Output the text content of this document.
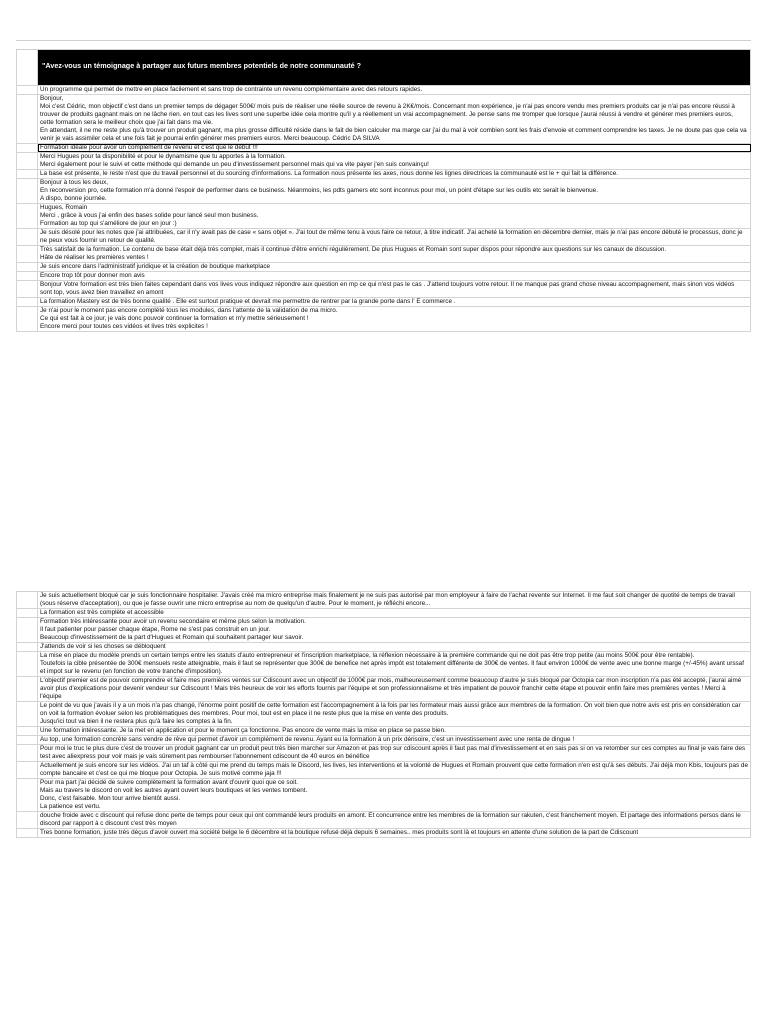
"Avez-vous un témoignage à partager aux futurs membres potentiels de notre communauté ?
Un programme qui permet de mettre en place facilement et sans trop de contrainte un revenu complémentaire avec des retours rapides.
Bonjour,
Moi c'est Cédric, mon objectif c'est dans un premier temps de dégager 500€/ mois puis de réaliser une réelle source de revenu à 2K€/mois. Concernant mon expérience, je n'ai pas encore vendu mes premiers produits car je n'ai pas encore réussi à trouver de produits gagnant mais on ne lâche rien. en tout cas les lives sont une superbe idée cela montre qu'il y a réellement un vrai accompagnement. Je pense sans me tromper que lorsque j'aurai réussi à vendre et générer mes premiers euros, cette formation sera le meilleur choix que j'ai fait dans ma vie.
En attendant, il ne me reste plus qu'à trouver un produit gagnant, ma plus grosse difficulté réside dans le fait de bien calculer ma marge car j'ai du mal à voir combien sont les frais d'envoie et comment comprendre les taxes. Je ne doute pas que cela va venir je vais assimiler cela et une fois fait je pourrai enfin générer mes premiers euros. Merci beaucoup. Cédric DA SILVA
Formation idéale pour avoir un complément de revenu et c'est que le début !!!
Merci Hugues pour ta disponibilité et pour le dynamisme que tu apportes à la formation.
Merci également pour le suivi et cette méthode qui demande un peu d'investissement personnel mais qui va vite payer j'en suis convainçu!
La base est présente, le reste n'est que du travail personnel et du sourcing d'informations. La formation nous présente les axes, nous donne les lignes directrices la communauté est le + qui fait la différence.
Bonjour à tous les deux,
En reconversion pro, cette formation m'a donné l'espoir de performer dans ce business. Néanmoins, les pdts gamers etc sont inconnus pour moi, un point d'étape sur les outils etc serait le bienvenue.
A dispo, bonne journée.
Hugues, Romain
Merci , grâce à vous j'ai enfin des bases solide pour lancé seul mon business.
Formation au top qui s'améliore de jour en jour :)
Je suis désolé pour les notes que j'ai attribuées, car il n'y avait pas de case « sans objet ». J'ai tout de même tenu à vous faire ce retour, à titre indicatif. J'ai acheté la formation en décembre dernier, mais je n'ai pas encore débuté le processus, donc je ne peux vous fournir un retour de qualité.
Très satisfait de la formation. Le contenu de base était déjà très complet, mais il continue d'être enrichi régulièrement. De plus Hugues et Romain sont super dispos pour répondre aux questions sur les canaux de discussion.
Hâte de réaliser les premières ventes !
Je suis encore dans l'administratif juridique et la création de boutique marketplace
Encore trop tôt pour donner mon avis
Bonjour Votre formation est très bien faites cependant dans vos lives vous indiquez répondre aux question en mp ce qui n'est pas le cas . J'attend toujours votre retour. Il ne manque pas grand chose niveau accompagnement, mais sinon vos vidéos sont top, vous avez bien travaillez en amont
La formation Mastery est de très bonne qualité . Elle est surtout pratique et devrait me permettre de rentrer par la grande porte dans l' E commerce .
Je n'ai pour le moment pas encore complété tous les modules, dans l'attente de la validation de ma micro.
Ce qui est fait à ce jour, je vais donc pouvoir continuer la formation et m'y mettre sérieusement !
Encore merci pour toutes ces vidéos et lives très explicites !
Je suis actuellement bloqué car je suis fonctionnaire hospitalier. J'avais créé ma micro entreprise mais finalement je ne suis pas autorisé par mon employeur à faire de l'achat revente sur Internet. Il me faut soit changer de quotité de temps de travail (sous réserve d'acceptation), ou que je fasse ouvrir une micro entreprise au nom de quelqu'un d'autre. Pour le moment, je réfléchi encore...
La formation est très complète et accessible
Formation très intéressante pour avoir un revenu secondaire et même plus selon la motivation.
Il faut patienter pour passer chaque étape, Rome ne s'est pas construit en un jour.
Beaucoup d'investissement de la part d'Hugues et Romain qui souhaitent partager leur savoir.
J'attends de voir si les choses se débloquent
La mise en place du modèle prends un certain temps entre les statuts d'auto entrepreneur et l'inscription marketplace, la réflexion nécessaire à la première commande qui ne doit pas être trop petite (au moins 500€ pour être rentable).
Toutefois la cible présentée de 300€ mensuels reste atteignable, mais il faut se représenter que 300€ de benefice net après impôt est totalement différente de 300€ de ventes. Il faut environ 1000€ de vente avec une bonne marge (+/-45%) avant urssaf et impot sur le revenu (en fonction de votre tranche d'imposition).
L'objectif premier est de pouvoir comprendre et faire mes premières ventes sur Cdiscount avec un objectif de 1000€ par mois, malheureusement comme beaucoup d'autre je suis bloqué par Octopia car mon inscription n'a pas été accepté, j'aurai aimé avoir plus d'explications pour devenir vendeur sur Cdiscount ! Mais très heureux de voir les efforts fournis par l'équipe et son professionnalisme et très impatient de pouvoir franchir cette étape et pouvoir enfin faire mes premières ventes ! Merci à l'équipe
Le point de vu que j'avais il y a un mois n'a pas changé, l'énorme point positif de cette formation est l'accompagnement à la fois par les formateur mais aussi grâce aux membres de la formation. On voit bien que notre avis est pris en considération car on voit la formation évoluer selon les problématiques des membres. Pour moi, tout est en place il ne reste plus que la mise en vente des produits.
Jusqu'ici tout va bien il ne restera plus qu'à faire les comptes à la fin.
Une formation intéressante. Je la met en application et pour le moment ça fonctionne. Pas encore de vente mais la mise en place se passe bien.
Au top, une formation concrète sans vendre de rêve qui permet d'avoir un complément de revenu. Ayant eu la formation à un prix dérisoire, c'est un investissement avec une renta de dingue !
Pour moi le truc le plus dure c'est de trouver un produit gagnant car un produit peut très bien marcher sur Amazon et pas trop sur cdiscount après il faut pas mal d'investissement et en sais pas si on va retomber sur ces comptes au final je vais faire des test avec aliexpress pour voir mais je vais sûrement pas rembourser l'abonnement cdiscount de 40 euros en bénéfice
Actuellement je suis encore sur les vidéos. J'ai un taf à côté qui me prend du temps mais le Discord, les lives, les interventions et la volonté de Hugues et Romain prouvent que cette formation n'en est qu'à ses débuts. J'ai déjà mon Kbis, toujours pas de compte bancaire et c'est ce qui me bloque pour Octopia. Je suis motivé comme jaja !!!
Pour ma part j'ai décidé de suivre complètement la formation avant d'ouvrir quoi que ce soit.
Mais au travers le discord on voit les autres ayant ouvert leurs boutiques et les ventes tombent.
Donc, c'est faisable. Mon tour arrive bientôt aussi.
La patience est vertu.
douche froide avec c discount qui refuse donc perte de temps pour ceux qui ont commandé leurs produits en amont. Et concurrence entre les membres de la formation sur rakuten, c'est franchement moyen. Et partage des informations persos dans le discord par rapport à c discount c'est très moyen
Tres bonne formation, juste très déçus d'avoir ouvert ma société belge le 6 décembre et la boutique refusé déjà depuis 6 semaines.. mes produits sont là et toujours en attente d'une solution de la part de Cdiscount
